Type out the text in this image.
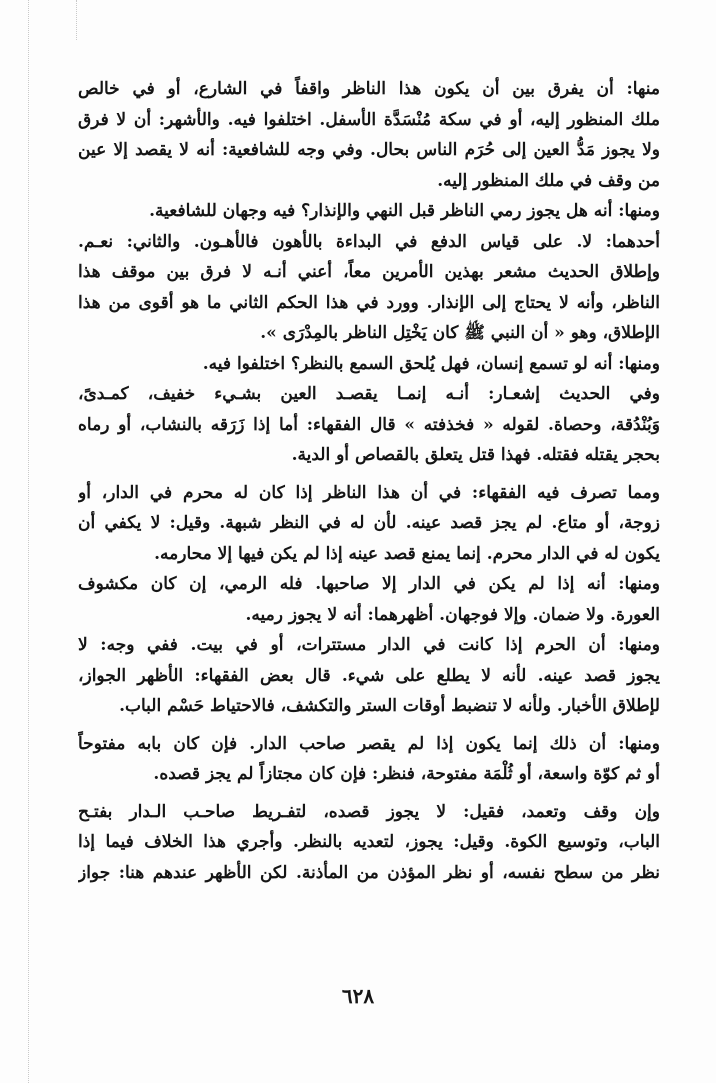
منها: أن يفرق بين أن يكون هذا الناظر واقفاً في الشارع، أو في خالص
ملك المنظور إليه، أو في سكة مُنْسَدَّة الأسفل. اختلفوا فيه. والأشهر: أن لا فرق
ولا يجوز مَدُّ العين إلى حُرَم الناس بحال. وفي وجه للشافعية: أنه لا يقصد إلا عين
من وقف في ملك المنظور إليه.
ومنها: أنه هل يجوز رمي الناظر قبل النهي والإنذار؟ فيه وجهان للشافعية.
أحدهما: لا. على قياس الدفع في البداءة بالأهون فالأهـون. والثاني: نعـم.
وإطلاق الحديث مشعر بهذين الأمرين معاً، أعني أنـه لا فرق بين موقف هذا
الناظر، وأنه لا يحتاج إلى الإنذار. وورد في هذا الحكم الثاني ما هو أقوى من هذا
الإطلاق، وهو « أن النبي ﷺ كان يَخْتِل الناظر بالمِدْرَى ».
ومنها: أنه لو تسمع إنسان، فهل يُلحق السمع بالنظر؟ اختلفوا فيه.
وفي الحديث إشعـار: أنـه إنمـا يقصـد العين بشـيء خفيف، كمـدىً،
وَبُنْدُقة، وحصاة. لقوله « فخذفته » قال الفقهاء: أما إذا زَرَقه بالنشاب، أو رماه
بحجر يقتله فقتله. فهذا قتل يتعلق بالقصاص أو الدية.
ومما تصرف فيه الفقهاء: في أن هذا الناظر إذا كان له محرم في الدار، أو
زوجة، أو متاع. لم يجز قصد عينه. لأن له في النظر شبهة. وقيل: لا يكفي أن
يكون له في الدار محرم. إنما يمنع قصد عينه إذا لم يكن فيها إلا محارمه.
ومنها: أنه إذا لم يكن في الدار إلا صاحبها. فله الرمي، إن كان مكشوف
العورة. ولا ضمان. وإلا فوجهان. أظهرهما: أنه لا يجوز رميه.
ومنها: أن الحرم إذا كانت في الدار مستترات، أو في بيت. ففي وجه: لا
يجوز قصد عينه. لأنه لا يطلع على شيء. قال بعض الفقهاء: الأظهر الجواز،
لإطلاق الأخبار. ولأنه لا تنضبط أوقات الستر والتكشف، فالاحتياط حَسْم الباب.
ومنها: أن ذلك إنما يكون إذا لم يقصر صاحب الدار. فإن كان بابه مفتوحاً
أو ثم كوّة واسعة، أو ثُلْمَة مفتوحة، فنظر: فإن كان مجتازاً لم يجز قصده.
وإن وقف وتعمد، فقيل: لا يجوز قصده، لتفـريط صاحـب الـدار بفتـح
الباب، وتوسيع الكوة. وقيل: يجوز، لتعديه بالنظر. وأجري هذا الخلاف فيما إذا
نظر من سطح نفسه، أو نظر المؤذن من المأذنة. لكن الأظهر عندهم هنا: جواز
٦٢٨
